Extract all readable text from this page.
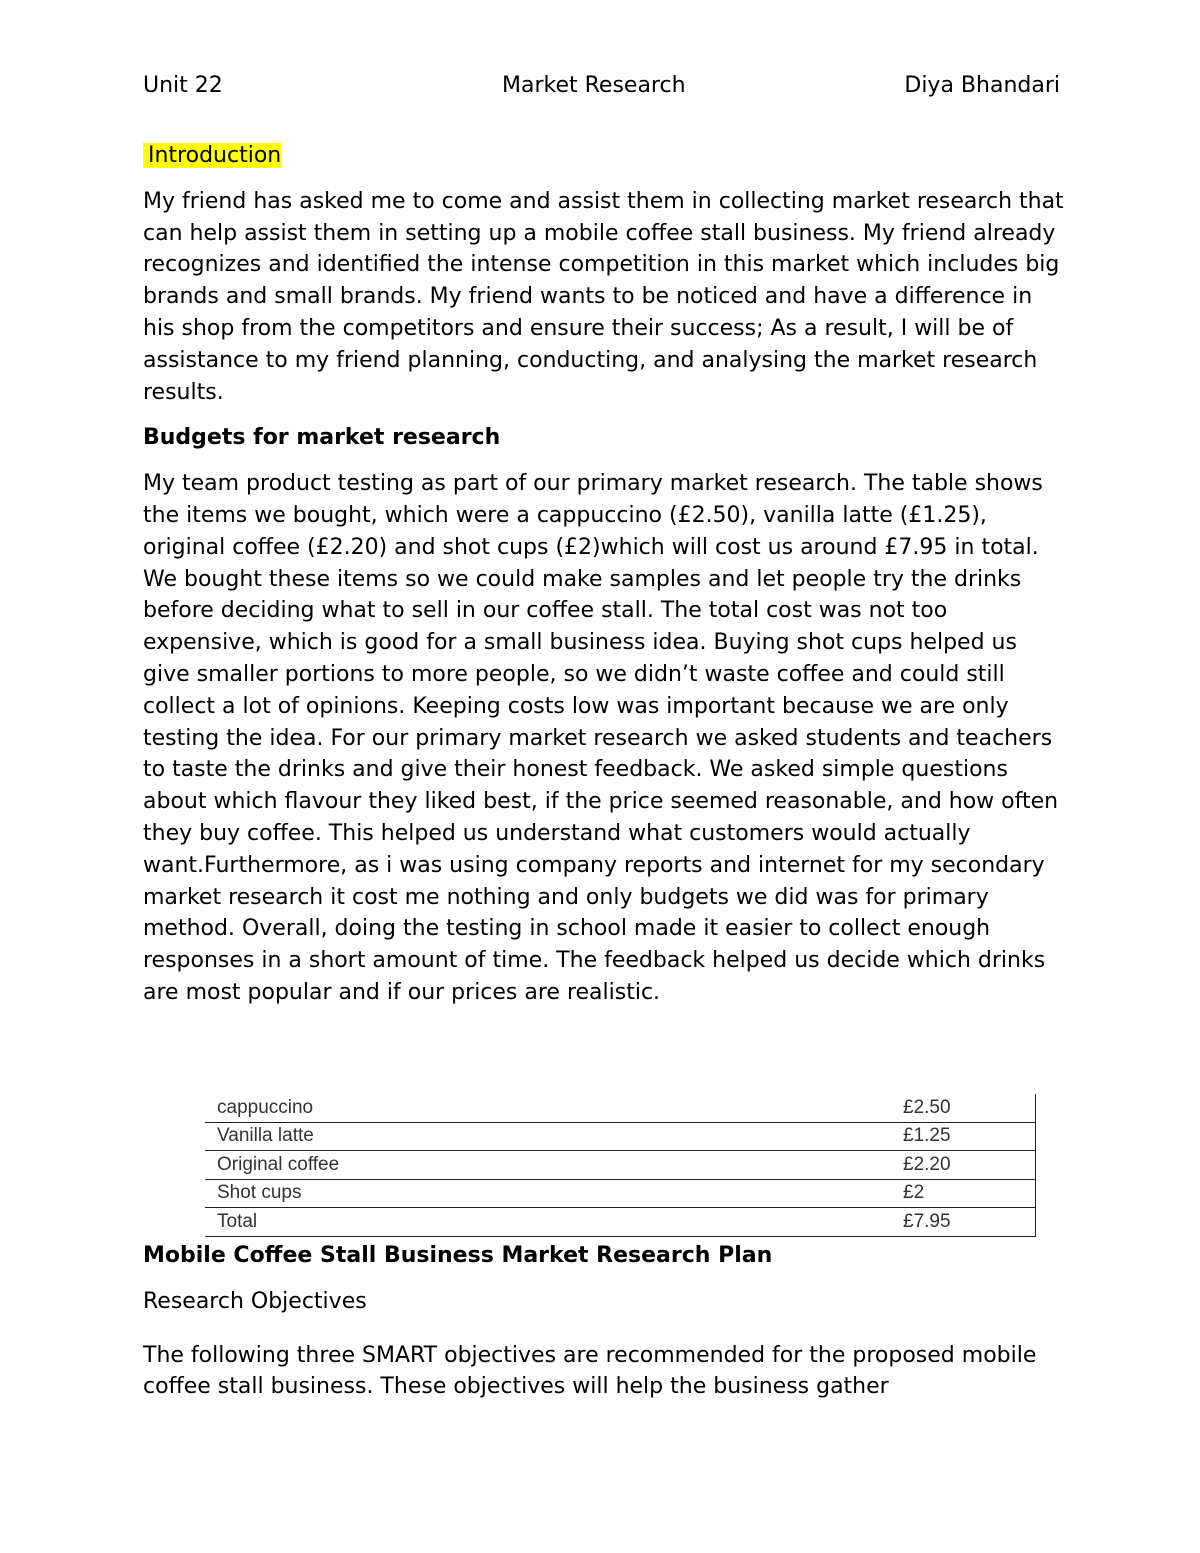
Unit 22	Market Research	Diya Bhandari

Introduction

My friend has asked me to come and assist them in collecting market research that can help assist them in setting up a mobile coffee stall business. My friend already recognizes and identified the intense competition in this market which includes big brands and small brands. My friend wants to be noticed and have a difference in his shop from the competitors and ensure their success; As a result, I will be of assistance to my friend planning, conducting, and analysing the market research results.

Budgets for market research

My team product testing as part of our primary market research. The table shows the items we bought, which were a cappuccino (£2.50), vanilla latte (£1.25), original coffee (£2.20) and shot cups (£2)which will cost us around £7.95 in total. We bought these items so we could make samples and let people try the drinks before deciding what to sell in our coffee stall. The total cost was not too expensive, which is good for a small business idea. Buying shot cups helped us give smaller portions to more people, so we didn’t waste coffee and could still collect a lot of opinions. Keeping costs low was important because we are only testing the idea. For our primary market research we asked students and teachers to taste the drinks and give their honest feedback. We asked simple questions about which flavour they liked best, if the price seemed reasonable, and how often they buy coffee. This helped us understand what customers would actually want.Furthermore, as i was using company reports and internet for my secondary market research it cost me nothing and only budgets we did was for primary method. Overall, doing the testing in school made it easier to collect enough responses in a short amount of time. The feedback helped us decide which drinks are most popular and if our prices are realistic.

cappuccino	£2.50
Vanilla latte	£1.25
Original coffee	£2.20
Shot cups	£2
Total	£7.95

Mobile Coffee Stall Business Market Research Plan

Research Objectives

The following three SMART objectives are recommended for the proposed mobile coffee stall business. These objectives will help the business gather
